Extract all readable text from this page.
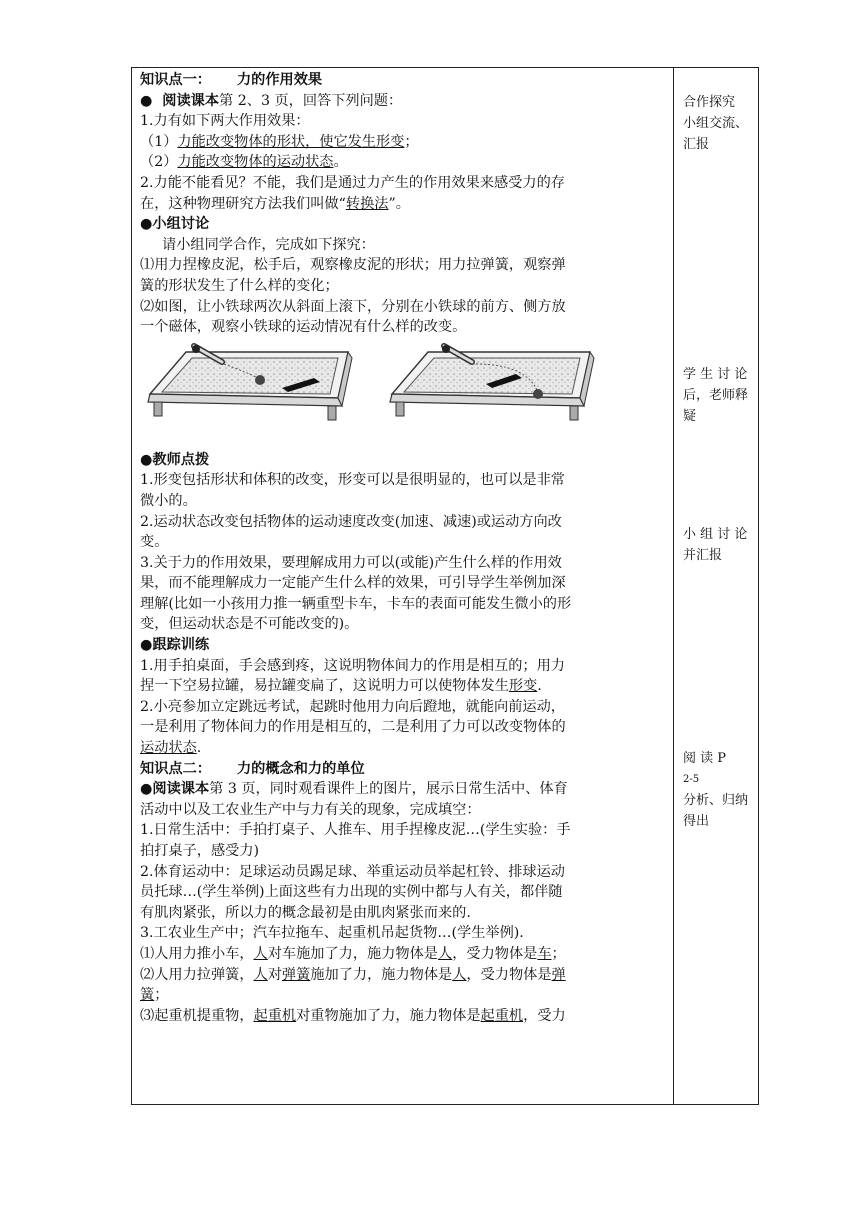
知识点一： 力的作用效果
●  阅读课本第 2、3 页，回答下列问题：
1.力有如下两大作用效果：
（1）力能改变物体的形状，使它发生形变；
（2）力能改变物体的运动状态。
2.力能不能看见？不能，我们是通过力产生的作用效果来感受力的存
在，这种物理研究方法我们叫做“转换法”。
●小组讨论
请小组同学合作，完成如下探究：
⑴用力捏橡皮泥，松手后，观察橡皮泥的形状；用力拉弹簧，观察弹
簧的形状发生了什么样的变化；
⑵如图，让小铁球两次从斜面上滚下，分别在小铁球的前方、侧方放
一个磁体，观察小铁球的运动情况有什么样的改变。
●教师点拨
1.形变包括形状和体积的改变，形变可以是很明显的，也可以是非常
微小的。
2.运动状态改变包括物体的运动速度改变(加速、减速)或运动方向改
变。
3.关于力的作用效果，要理解成用力可以(或能)产生什么样的作用效
果，而不能理解成力一定能产生什么样的效果，可引导学生举例加深
理解(比如一小孩用力推一辆重型卡车，卡车的表面可能发生微小的形
变，但运动状态是不可能改变的)。
●跟踪训练
1.用手拍桌面，手会感到疼，这说明物体间力的作用是相互的；用力
捏一下空易拉罐，易拉罐变扁了，这说明力可以使物体发生形变.
2.小亮参加立定跳远考试，起跳时他用力向后蹬地，就能向前运动，
一是利用了物体间力的作用是相互的，二是利用了力可以改变物体的
运动状态.
知识点二： 力的概念和力的单位
●阅读课本第 3 页，同时观看课件上的图片，展示日常生活中、体育
活动中以及工农业生产中与力有关的现象，完成填空：
1.日常生活中：手拍打桌子、人推车、用手捏橡皮泥…(学生实验：手
拍打桌子，感受力)
2.体育运动中：足球运动员踢足球、举重运动员举起杠铃、排球运动
员托球…(学生举例)上面这些有力出现的实例中都与人有关，都伴随
有肌肉紧张，所以力的概念最初是由肌肉紧张而来的.
3.工农业生产中；汽车拉拖车、起重机吊起货物…(学生举例).
⑴人用力推小车，人对车施加了力，施力物体是人，受力物体是车；
⑵人用力拉弹簧，人对弹簧施加了力，施力物体是人，受力物体是弹
簧；
⑶起重机提重物，起重机对重物施加了力，施力物体是起重机，受力
合作探究
小组交流、
汇报
学 生 讨 论
后，老师释
疑
小 组 讨 论
并汇报
阅 读 P
2-5
分析、归纳
得出
